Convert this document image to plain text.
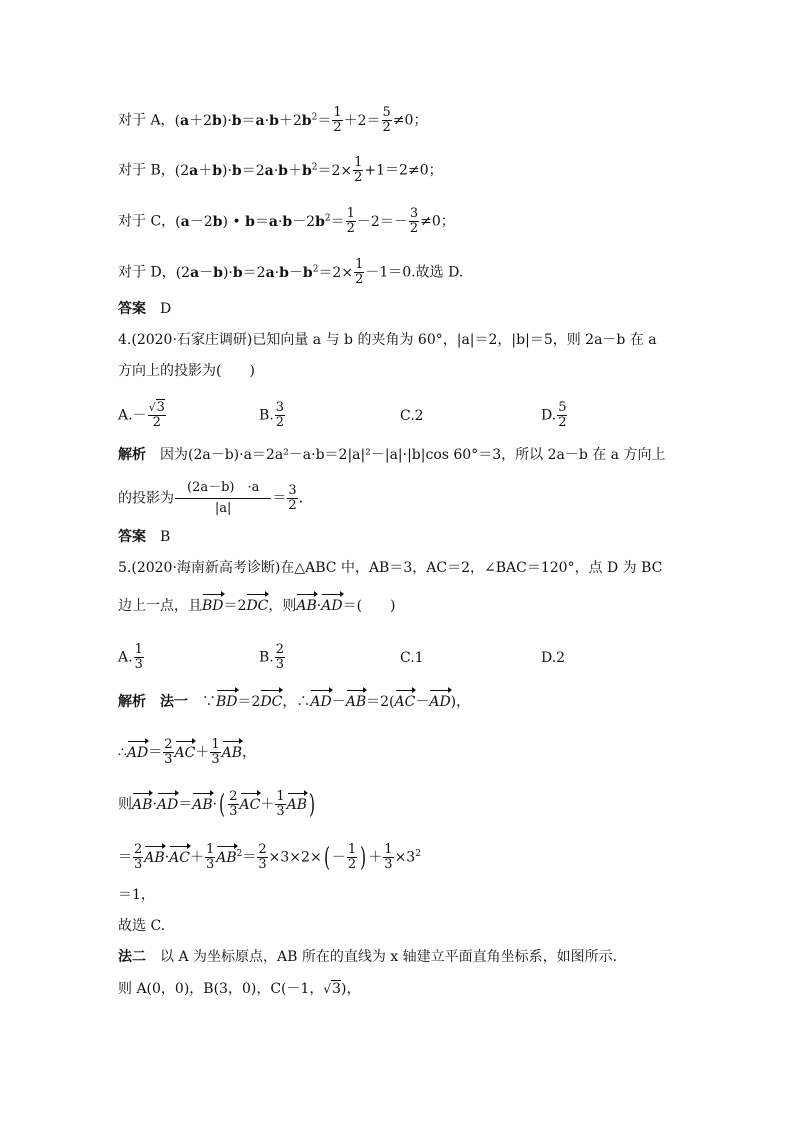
对于 A，$(a+2b)\cdot b=a\cdot b+2b^2= \frac{1}{2} +2= \frac{5}{2} \ne 0$；
对于 B，$(2a+b)\cdot b=2a\cdot b+b^2=2\times \frac{1}{2} +1=2\ne 0$；
对于 C，(a－2b) • $b=a\cdot b-2b^2= \frac{1}{2} -2=- \frac{3}{2} \ne 0$；
对于 D，$(2a-b)\cdot b=2a\cdot b-b^2=2\times \frac{1}{2} -1=0$.故选 D.
答案　 D
4.(2020·石家庄调研)已知向量 a 与 b 的夹角为 60°，|a|＝2，|b|＝5，则 2a－b 在 a
方向上的投影为(　　)
$A.- \frac{√3}{2}$	B. $\frac{3}{2}$	C.2	D. $\frac{5}{2}$
解析　 因为(2a－b)·a＝2a²－a·b＝2|a|²－|a|·|b|cos 60°＝3，所以 2a－b 在 a 方向上
的投影为 $\frac{(2a-b) \cdot a}{|a|} = \frac{3}{2}$ .
答案　 B
5.(2020·海南新高考诊断)在△ABC 中，AB＝3，AC＝2，∠BAC＝120°，点 D 为 BC
边上一点，且BD＝2DC，则AB·AD＝(　　)
A. $\frac{1}{3}$	B. $\frac{2}{3}$	C.1	D.2
解析　 法一　∵BD＝2DC，∴AD－AB＝2(AC－AD)，
∴AD＝ $\frac{2}{3} AC+ \frac{1}{3}$ AB，
则$AB\cdot AD=AB\cdot( \frac{2}{3} AC+ \frac{1}{3} AB)$
＝ $\frac{2}{3} AB\cdot AC+ \frac{1}{3} AB^2= \frac{2}{3} \times 3\times 2\times( - \frac{1}{2}$ ) ＋ $\frac{1}{3} \times 3^2$
＝1，
故选 C.
法二　 以 A 为坐标原点，AB 所在的直线为 x 轴建立平面直角坐标系，如图所示.
则 A(0，0)，B(3，0)，C(－1，√3)，
